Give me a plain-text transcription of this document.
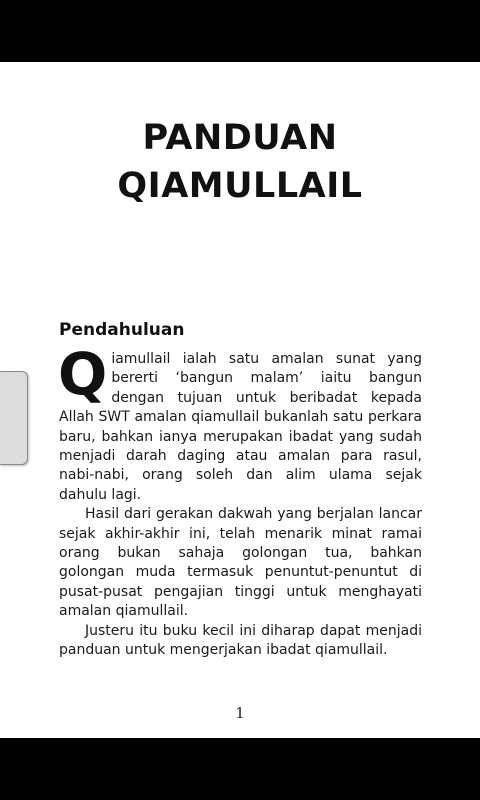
PANDUAN
QIAMULLAIL
Pendahuluan

Qiamullail ialah satu amalan sunat yang bererti ‘bangun malam’ iaitu bangun dengan tujuan untuk beribadat kepada Allah SWT amalan qiamullail bukanlah satu perkara baru, bahkan ianya merupakan ibadat yang sudah menjadi darah daging atau amalan para rasul, nabi-nabi, orang soleh dan alim ulama sejak dahulu lagi.

Hasil dari gerakan dakwah yang berjalan lancar sejak akhir-akhir ini, telah menarik minat ramai orang bukan sahaja golongan tua, bahkan golongan muda termasuk penuntut-penuntut di pusat-pusat pengajian tinggi untuk menghayati amalan qiamullail.

Justeru itu buku kecil ini diharap dapat menjadi panduan untuk mengerjakan ibadat qiamullail.

1
